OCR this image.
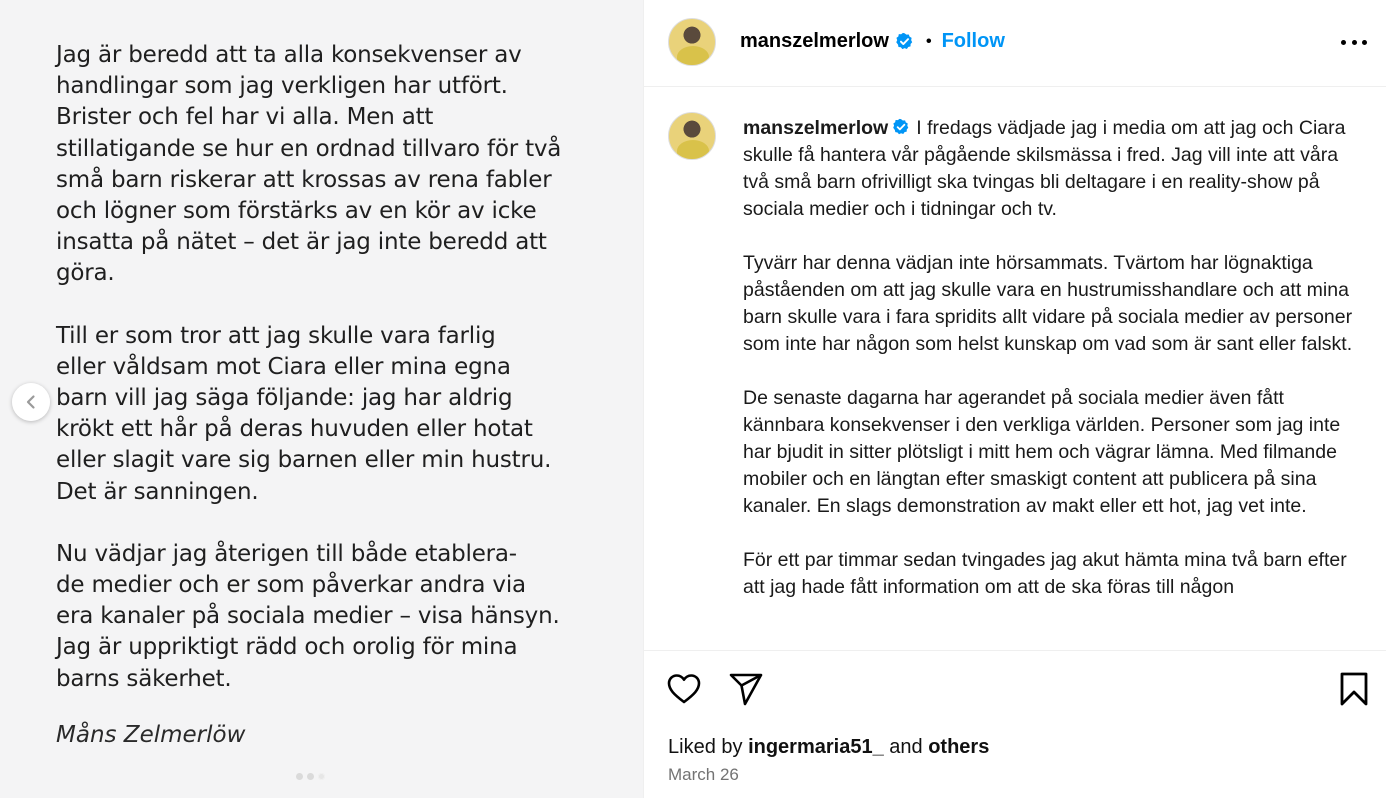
Jag är beredd att ta alla konsekvenser av
handlingar som jag verkligen har utfört.
Brister och fel har vi alla. Men att
stillatigande se hur en ordnad tillvaro för två
små barn riskerar att krossas av rena fabler
och lögner som förstärks av en kör av icke
insatta på nätet – det är jag inte beredd att
göra.

Till er som tror att jag skulle vara farlig
eller våldsam mot Ciara eller mina egna
barn vill jag säga följande: jag har aldrig
krökt ett hår på deras huvuden eller hotat
eller slagit vare sig barnen eller min hustru.
Det är sanningen.

Nu vädjar jag återigen till både etablera-
de medier och er som påverkar andra via
era kanaler på sociala medier – visa hänsyn.
Jag är uppriktigt rädd och orolig för mina
barns säkerhet.

Måns Zelmerlöw
manszelmerlow • Follow

manszelmerlow I fredags vädjade jag i media om att jag och Ciara skulle få hantera vår pågående skilsmässa i fred. Jag vill inte att våra två små barn ofrivilligt ska tvingas bli deltagare i en reality-show på sociala medier och i tidningar och tv.

Tyvärr har denna vädjan inte hörsammats. Tvärtom har lögnaktiga påståenden om att jag skulle vara en hustrumisshandlare och att mina barn skulle vara i fara spridits allt vidare på sociala medier av personer som inte har någon som helst kunskap om vad som är sant eller falskt.

De senaste dagarna har agerandet på sociala medier även fått kännbara konsekvenser i den verkliga världen. Personer som jag inte har bjudit in sitter plötsligt i mitt hem och vägrar lämna. Med filmande mobiler och en längtan efter smaskigt content att publicera på sina kanaler. En slags demonstration av makt eller ett hot, jag vet inte.

För ett par timmar sedan tvingades jag akut hämta mina två barn efter att jag hade fått information om att de ska föras till någon

Liked by ingermaria51_ and others
March 26
